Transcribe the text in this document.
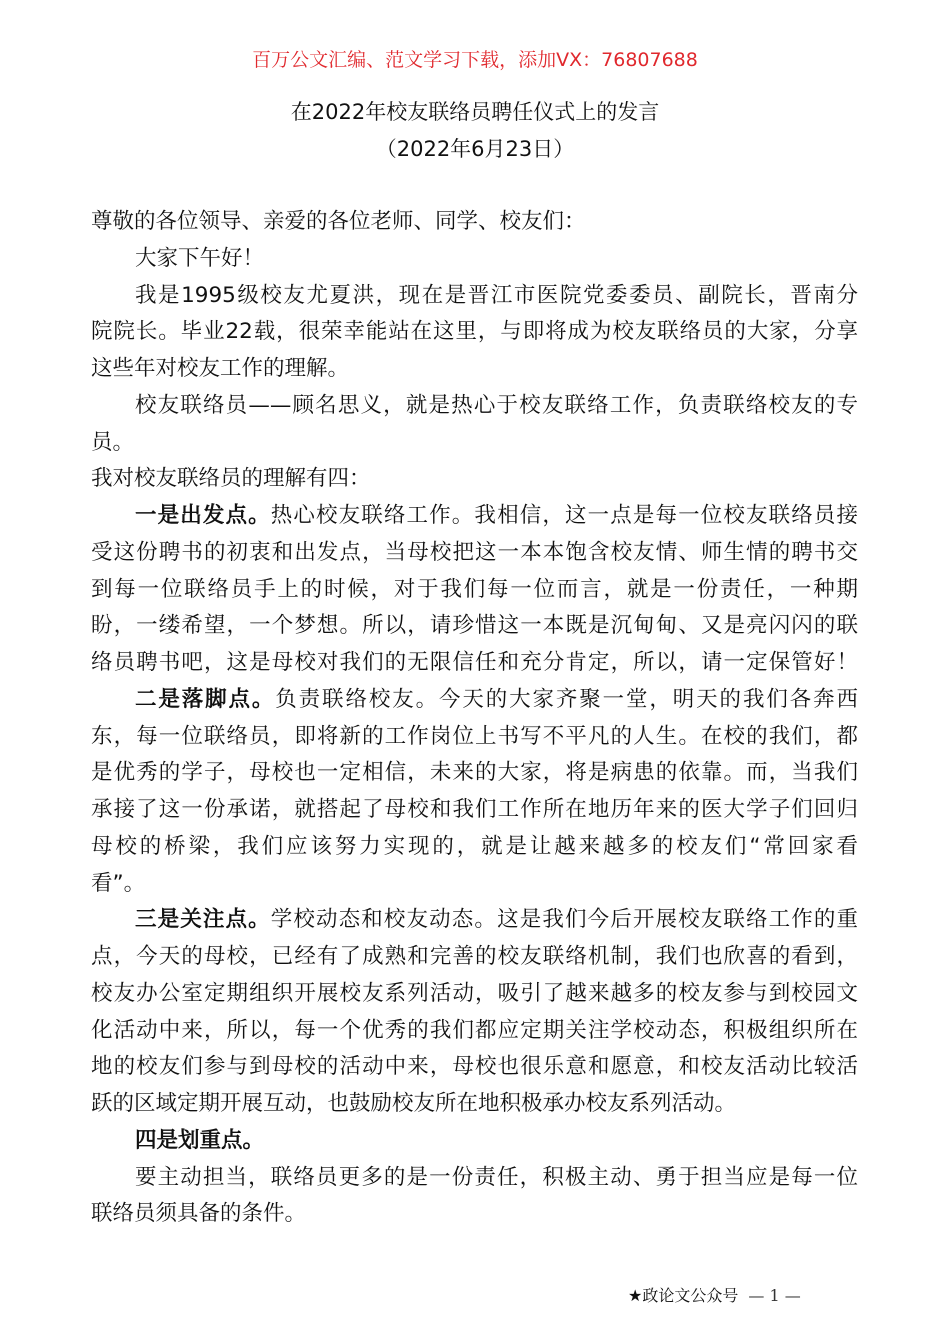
百万公文汇编、范文学习下载，添加VX：76807688
在2022年校友联络员聘任仪式上的发言
（2022年6月23日）
尊敬的各位领导、亲爱的各位老师、同学、校友们：
大家下午好！
我是1995级校友尤夏洪，现在是晋江市医院党委委员、副院长，晋南分
院院长。毕业22载，很荣幸能站在这里，与即将成为校友联络员的大家，分享
这些年对校友工作的理解。
校友联络员——顾名思义，就是热心于校友联络工作，负责联络校友的专
员。
我对校友联络员的理解有四：
一是出发点。热心校友联络工作。我相信，这一点是每一位校友联络员接
受这份聘书的初衷和出发点，当母校把这一本本饱含校友情、师生情的聘书交
到每一位联络员手上的时候，对于我们每一位而言，就是一份责任，一种期
盼，一缕希望，一个梦想。所以，请珍惜这一本既是沉甸甸、又是亮闪闪的联
络员聘书吧，这是母校对我们的无限信任和充分肯定，所以，请一定保管好！
二是落脚点。负责联络校友。今天的大家齐聚一堂，明天的我们各奔西
东，每一位联络员，即将新的工作岗位上书写不平凡的人生。在校的我们，都
是优秀的学子，母校也一定相信，未来的大家，将是病患的依靠。而，当我们
承接了这一份承诺，就搭起了母校和我们工作所在地历年来的医大学子们回归
母校的桥梁，我们应该努力实现的，就是让越来越多的校友们“常回家看
看”。
三是关注点。学校动态和校友动态。这是我们今后开展校友联络工作的重
点，今天的母校，已经有了成熟和完善的校友联络机制，我们也欣喜的看到，
校友办公室定期组织开展校友系列活动，吸引了越来越多的校友参与到校园文
化活动中来，所以，每一个优秀的我们都应定期关注学校动态，积极组织所在
地的校友们参与到母校的活动中来，母校也很乐意和愿意，和校友活动比较活
跃的区域定期开展互动，也鼓励校友所在地积极承办校友系列活动。
四是划重点。
要主动担当，联络员更多的是一份责任，积极主动、勇于担当应是每一位
联络员须具备的条件。
★政论文公众号 — 1 —
